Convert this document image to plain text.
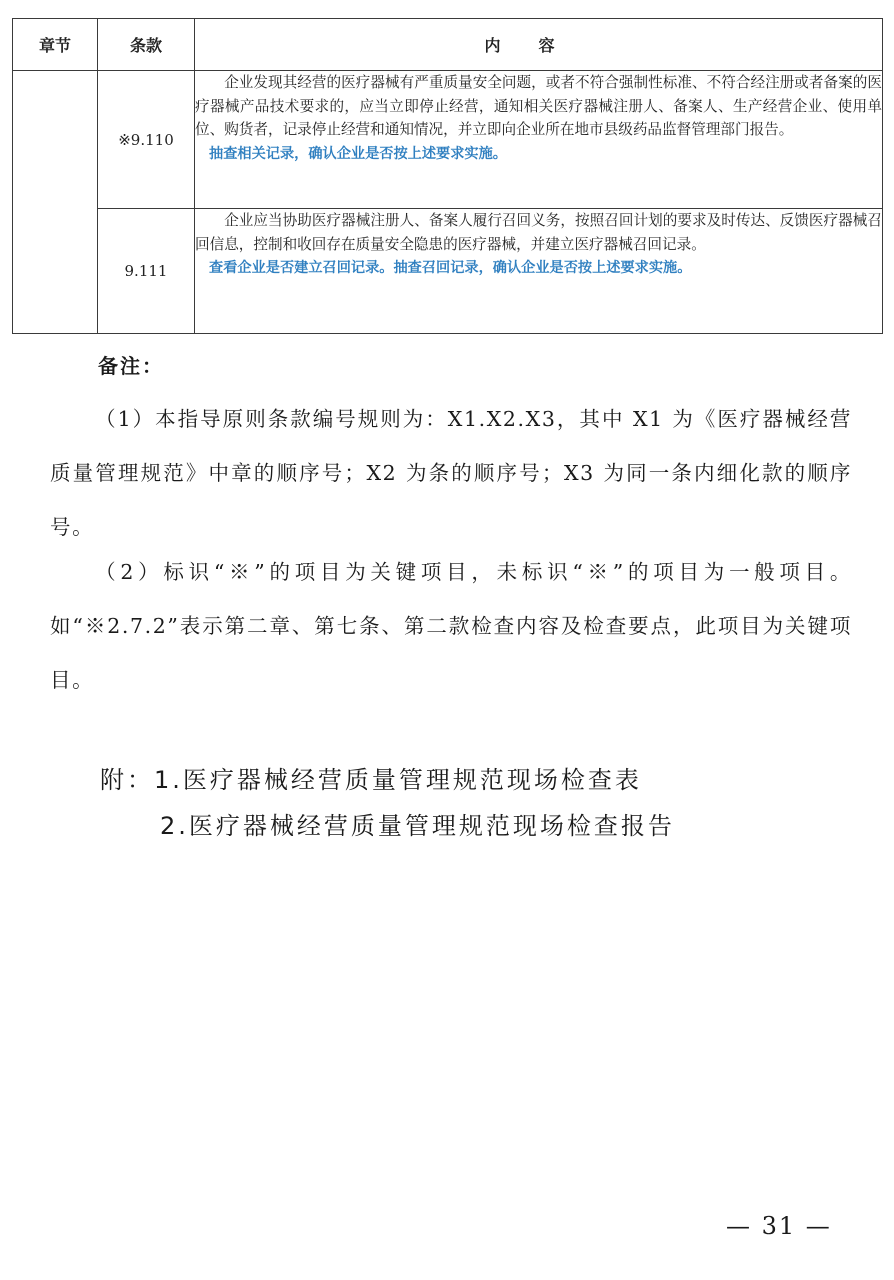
章节	条款	内容
	※9.110	企业发现其经营的医疗器械有严重质量安全问题，或者不符合强制性标准、不符合经注册或者备案的医疗器械产品技术要求的，应当立即停止经营，通知相关医疗器械注册人、备案人、生产经营企业、使用单位、购货者，记录停止经营和通知情况，并立即向企业所在地市县级药品监督管理部门报告。

抽查相关记录，确认企业是否按上述要求实施。

	9.111	企业应当协助医疗器械注册人、备案人履行召回义务，按照召回计划的要求及时传达、反馈医疗器械召回信息，控制和收回存在质量安全隐患的医疗器械，并建立医疗器械召回记录。

查看企业是否建立召回记录。抽查召回记录，确认企业是否按上述要求实施。

备注：

（1）本指导原则条款编号规则为：X1.X2.X3，其中 X1 为《医疗器械经营质量管理规范》中章的顺序号；X2 为条的顺序号；X3 为同一条内细化款的顺序号。

（2）标识“※”的项目为关键项目，未标识“※”的项目为一般项目。如“※2.7.2”表示第二章、第七条、第二款检查内容及检查要点，此项目为关键项目。

附：1.医疗器械经营质量管理规范现场检查表

2.医疗器械经营质量管理规范现场检查报告

— 31 —
